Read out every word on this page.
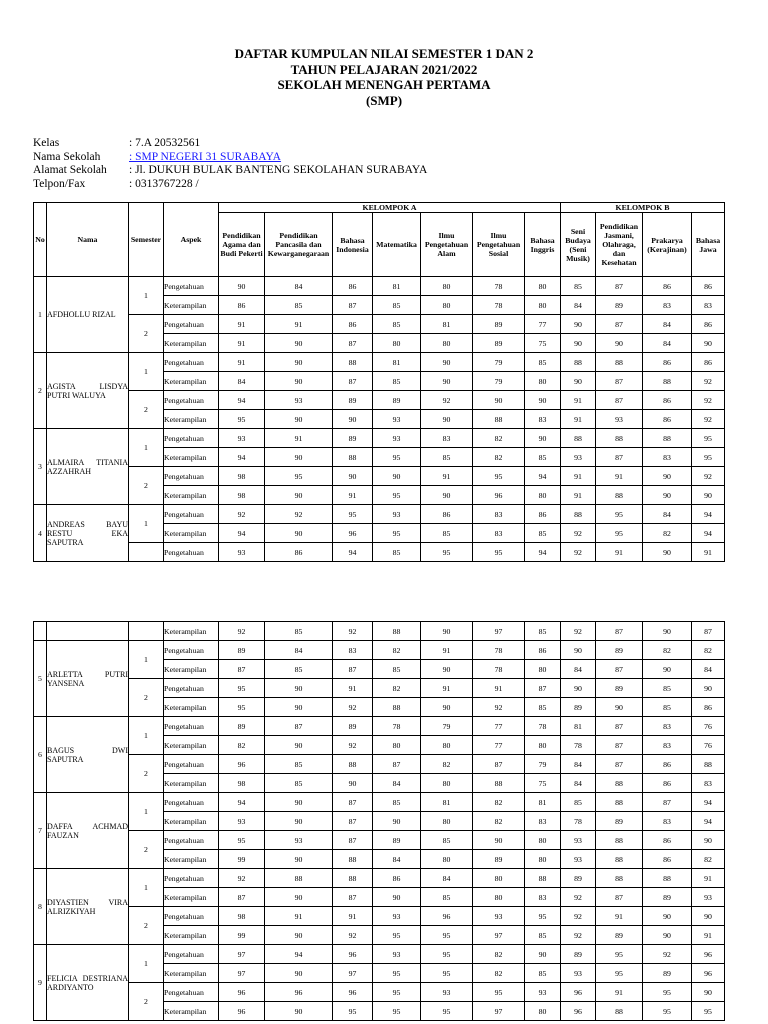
DAFTAR KUMPULAN NILAI SEMESTER 1 DAN 2
TAHUN PELAJARAN 2021/2022
SEKOLAH MENENGAH PERTAMA
(SMP)
Kelas	: 7.A 20532561
Nama Sekolah	: SMP NEGERI 31 SURABAYA
Alamat Sekolah	: Jl. DUKUH BULAK BANTENG SEKOLAHAN SURABAYA
Telpon/Fax	: 0313767228 /
No	Nama	Semester	Aspek	KELOMPOK A							KELOMPOK B			
				Pendidikan Agama dan Budi Pekerti	Pendidikan Pancasila dan Kewarganegaraan	Bahasa Indonesia	Matematika	Ilmu Pengetahuan Alam	Ilmu Pengetahuan Sosial	Bahasa Inggris	Seni Budaya (Seni Musik)	Pendidikan Jasmani, Olahraga, dan Kesehatan	Prakarya (Kerajinan)	Bahasa Jawa
1	AFDHOLLU RIZAL	1	Pengetahuan	90	84	86	81	80	78	80	85	87	86	86
			Keterampilan	86	85	87	85	80	78	80	84	89	83	83
		2	Pengetahuan	91	91	86	85	81	89	77	90	87	84	86
			Keterampilan	91	90	87	80	80	89	75	90	90	84	90
2	AGISTA LISDYA PUTRI WALUYA	1	Pengetahuan	91	90	88	81	90	79	85	88	88	86	86
			Keterampilan	84	90	87	85	90	79	80	90	87	88	92
		2	Pengetahuan	94	93	89	89	92	90	90	91	87	86	92
			Keterampilan	95	90	90	93	90	88	83	91	93	86	92
3	ALMAIRA TITANIA AZZAHRAH	1	Pengetahuan	93	91	89	93	83	82	90	88	88	88	95
			Keterampilan	94	90	88	95	85	82	85	93	87	83	95
		2	Pengetahuan	98	95	90	90	91	95	94	91	91	90	92
			Keterampilan	98	90	91	95	90	96	80	91	88	90	90
4	ANDREAS BAYU RESTU EKA SAPUTRA	1	Pengetahuan	92	92	95	93	86	83	86	88	95	84	94
			Keterampilan	94	90	96	95	85	83	85	92	95	82	94
			Pengetahuan	93	86	94	85	95	95	94	92	91	90	91
			Keterampilan	92	85	92	88	90	97	85	92	87	90	87
5	ARLETTA PUTRI YANSENA	1	Pengetahuan	89	84	83	82	91	78	86	90	89	82	82
			Keterampilan	87	85	87	85	90	78	80	84	87	90	84
		2	Pengetahuan	95	90	91	82	91	91	87	90	89	85	90
			Keterampilan	95	90	92	88	90	92	85	89	90	85	86
6	BAGUS DWI SAPUTRA	1	Pengetahuan	89	87	89	78	79	77	78	81	87	83	76
			Keterampilan	82	90	92	80	80	77	80	78	87	83	76
		2	Pengetahuan	96	85	88	87	82	87	79	84	87	86	88
			Keterampilan	98	85	90	84	80	88	75	84	88	86	83
7	DAFFA ACHMAD FAUZAN	1	Pengetahuan	94	90	87	85	81	82	81	85	88	87	94
			Keterampilan	93	90	87	90	80	82	83	78	89	83	94
		2	Pengetahuan	95	93	87	89	85	90	80	93	88	86	90
			Keterampilan	99	90	88	84	80	89	80	93	88	86	82
8	DIYASTIEN VIRA ALRIZKIYAH	1	Pengetahuan	92	88	88	86	84	80	88	89	88	88	91
			Keterampilan	87	90	87	90	85	80	83	92	87	89	93
		2	Pengetahuan	98	91	91	93	96	93	95	92	91	90	90
			Keterampilan	99	90	92	95	95	97	85	92	89	90	91
9	FELICIA DESTRIANA ARDIYANTO	1	Pengetahuan	97	94	96	93	95	82	90	89	95	92	96
			Keterampilan	97	90	97	95	95	82	85	93	95	89	96
		2	Pengetahuan	96	96	96	95	93	95	93	96	91	95	90
			Keterampilan	96	90	95	95	95	97	80	96	88	95	95
